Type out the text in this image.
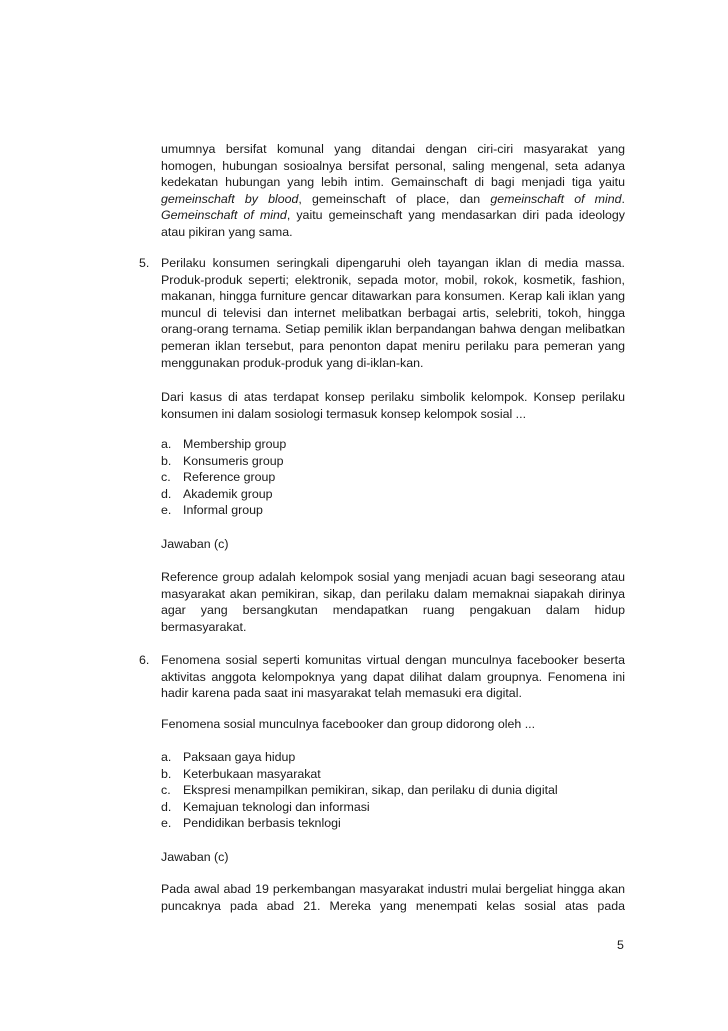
umumnya bersifat komunal yang ditandai dengan ciri-ciri masyarakat yang
homogen, hubungan sosioalnya bersifat personal, saling mengenal, seta adanya
kedekatan hubungan yang lebih intim. Gemainschaft di bagi menjadi tiga yaitu
gemeinschaft by blood, gemeinschaft of place, dan gemeinschaft of mind.
Gemeinschaft of mind, yaitu gemeinschaft yang mendasarkan diri pada ideology
atau pikiran yang sama.
5. Perilaku konsumen seringkali dipengaruhi oleh tayangan iklan di media massa.
Produk-produk seperti; elektronik, sepada motor, mobil, rokok, kosmetik, fashion,
makanan, hingga furniture gencar ditawarkan para konsumen. Kerap kali iklan yang
muncul di televisi dan internet melibatkan berbagai artis, selebriti, tokoh, hingga
orang-orang ternama. Setiap pemilik iklan berpandangan bahwa dengan melibatkan
pemeran iklan tersebut, para penonton dapat meniru perilaku para pemeran yang
menggunakan produk-produk yang di-iklan-kan.
Dari kasus di atas terdapat konsep perilaku simbolik kelompok. Konsep perilaku
konsumen ini dalam sosiologi termasuk konsep kelompok sosial ...
a. Membership group
b. Konsumeris group
c. Reference group
d. Akademik group
e. Informal group
Jawaban (c)
Reference group adalah kelompok sosial yang menjadi acuan bagi seseorang atau
masyarakat akan pemikiran, sikap, dan perilaku dalam memaknai siapakah dirinya
agar yang bersangkutan mendapatkan ruang pengakuan dalam hidup
bermasyarakat.
6. Fenomena sosial seperti komunitas virtual dengan munculnya facebooker beserta
aktivitas anggota kelompoknya yang dapat dilihat dalam groupnya. Fenomena ini
hadir karena pada saat ini masyarakat telah memasuki era digital.
Fenomena sosial munculnya facebooker dan group didorong oleh ...
a. Paksaan gaya hidup
b. Keterbukaan masyarakat
c. Ekspresi menampilkan pemikiran, sikap, dan perilaku di dunia digital
d. Kemajuan teknologi dan informasi
e. Pendidikan berbasis teknlogi
Jawaban (c)
Pada awal abad 19 perkembangan masyarakat industri mulai bergeliat hingga akan
puncaknya pada abad 21. Mereka yang menempati kelas sosial atas pada
5
